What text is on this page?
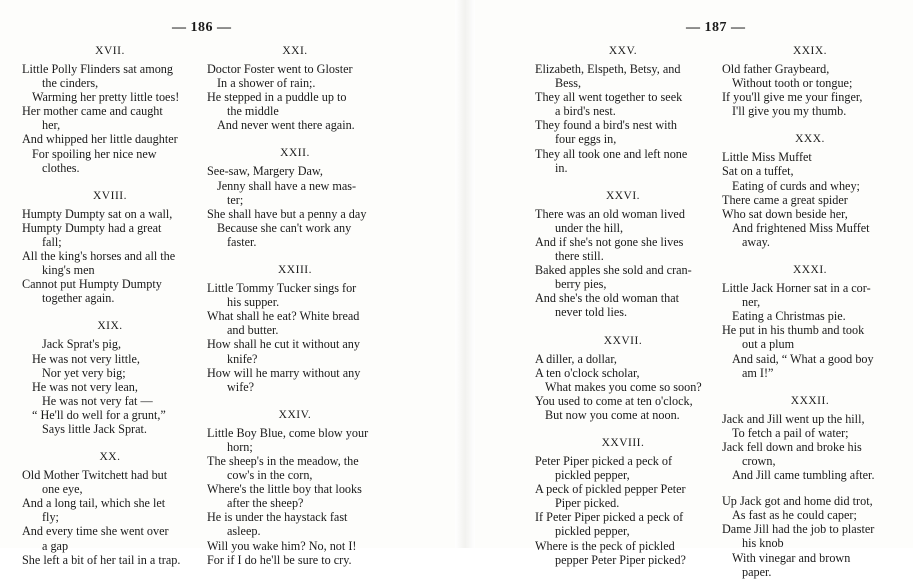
— 186 —	— 187 —
XVII.
Little Polly Flinders sat among
the cinders,
Warming her pretty little toes!
Her mother came and caught
her,
And whipped her little daughter
For spoiling her nice new
clothes.
XVIII.
Humpty Dumpty sat on a wall,
Humpty Dumpty had a great
fall;
All the king's horses and all the
king's men
Cannot put Humpty Dumpty
together again.
XIX.
Jack Sprat's pig,
He was not very little,
Nor yet very big;
He was not very lean,
He was not very fat —
“ He'll do well for a grunt,”
Says little Jack Sprat.
XX.
Old Mother Twitchett had but
one eye,
And a long tail, which she let
fly;
And every time she went over
a gap
She left a bit of her tail in a trap.
XXI.
Doctor Foster went to Gloster
In a shower of rain;.
He stepped in a puddle up to
the middle
And never went there again.
XXII.
See-saw, Margery Daw,
Jenny shall have a new mas-
ter;
She shall have but a penny a day
Because she can't work any
faster.
XXIII.
Little Tommy Tucker sings for
his supper.
What shall he eat? White bread
and butter.
How shall he cut it without any
knife?
How will he marry without any
wife?
XXIV.
Little Boy Blue, come blow your
horn;
The sheep's in the meadow, the
cow's in the corn,
Where's the little boy that looks
after the sheep?
He is under the haystack fast
asleep.
Will you wake him? No, not I!
For if I do he'll be sure to cry.
XXV.
Elizabeth, Elspeth, Betsy, and
Bess,
They all went together to seek
a bird's nest.
They found a bird's nest with
four eggs in,
They all took one and left none
in.
XXVI.
There was an old woman lived
under the hill,
And if she's not gone she lives
there still.
Baked apples she sold and cran-
berry pies,
And she's the old woman that
never told lies.
XXVII.
A diller, a dollar,
A ten o'clock scholar,
What makes you come so soon?
You used to come at ten o'clock,
But now you come at noon.
XXVIII.
Peter Piper picked a peck of
pickled pepper,
A peck of pickled pepper Peter
Piper picked.
If Peter Piper picked a peck of
pickled pepper,
Where is the peck of pickled
pepper Peter Piper picked?
XXIX.
Old father Graybeard,
Without tooth or tongue;
If you'll give me your finger,
I'll give you my thumb.
XXX.
Little Miss Muffet
Sat on a tuffet,
Eating of curds and whey;
There came a great spider
Who sat down beside her,
And frightened Miss Muffet
away.
XXXI.
Little Jack Horner sat in a cor-
ner,
Eating a Christmas pie.
He put in his thumb and took
out a plum
And said, “ What a good boy
am I!”
XXXII.
Jack and Jill went up the hill,
To fetch a pail of water;
Jack fell down and broke his
crown,
And Jill came tumbling after.
Up Jack got and home did trot,
As fast as he could caper;
Dame Jill had the job to plaster
his knob
With vinegar and brown
paper.
